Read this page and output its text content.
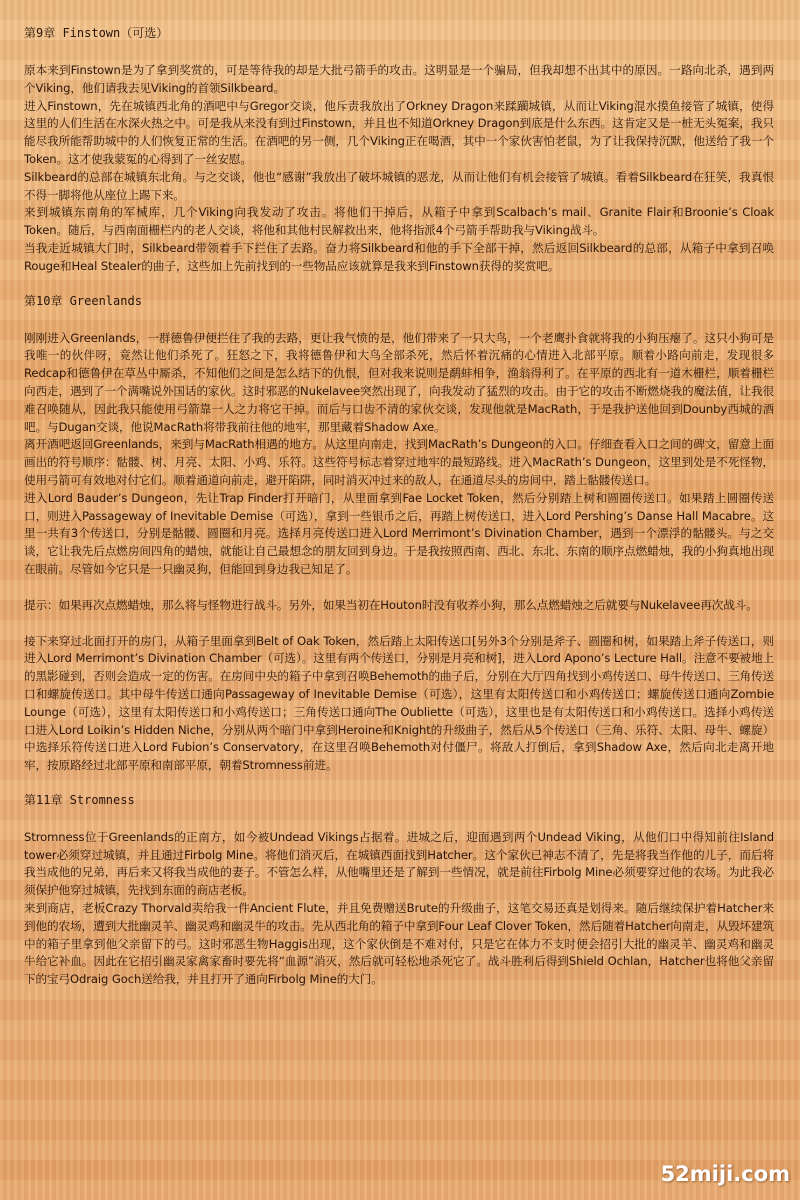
第9章 Finstown（可选）

原本来到Finstown是为了拿到奖赏的，可是等待我的却是大批弓箭手的攻击。这明显是一个骗局，但我却想不出其中的原因。一路向北杀，遇到两个Viking，他们请我去见Viking的首领Silkbeard。

进入Finstown，先在城镇西北角的酒吧中与Gregor交谈，他斥责我放出了Orkney Dragon来蹂躏城镇，从而让Viking混水摸鱼接管了城镇，使得这里的人们生活在水深火热之中。可是我从来没有到过Finstown，并且也不知道Orkney Dragon到底是什么东西。这肯定又是一桩无头冤案，我只能尽我所能帮助城中的人们恢复正常的生活。在酒吧的另一侧，几个Viking正在喝酒，其中一个家伙害怕老鼠，为了让我保持沉默，他送给了我一个Token。这才使我蒙冤的心得到了一丝安慰。

Silkbeard的总部在城镇东北角。与之交谈，他也“感谢”我放出了破坏城镇的恶龙，从而让他们有机会接管了城镇。看着Silkbeard在狂笑，我真恨不得一脚将他从座位上踢下来。

来到城镇东南角的军械库，几个Viking向我发动了攻击。将他们干掉后，从箱子中拿到Scalbach’s mail、Granite Flair和Broonie’s Cloak Token。随后，与西南面栅栏内的老人交谈，将他和其他村民解救出来，他将指派4个弓箭手帮助我与Viking战斗。

当我走近城镇大门时，Silkbeard带领着手下拦住了去路。奋力将Silkbeard和他的手下全部干掉，然后返回Silkbeard的总部，从箱子中拿到召唤Rouge和Heal Stealer的曲子，这些加上先前找到的一些物品应该就算是我来到Finstown获得的奖赏吧。

第10章 Greenlands

刚刚进入Greenlands，一群德鲁伊便拦住了我的去路，更让我气愤的是，他们带来了一只大鸟，一个老鹰扑食就将我的小狗压瘪了。这只小狗可是我唯一的伙伴呀，竟然让他们杀死了。狂怒之下，我将德鲁伊和大鸟全部杀死，然后怀着沉痛的心情进入北部平原。顺着小路向前走，发现很多Redcap和德鲁伊在草丛中厮杀，不知他们之间是怎么结下的仇恨，但对我来说则是鹬蚌相争，渔翁得利了。在平原的西北有一道木栅栏，顺着栅栏向西走，遇到了一个满嘴说外国话的家伙。这时邪恶的Nukelavee突然出现了，向我发动了猛烈的攻击。由于它的攻击不断燃烧我的魔法值，让我很难召唤随从，因此我只能使用弓箭靠一人之力将它干掉。而后与口齿不清的家伙交谈，发现他就是MacRath，于是我护送他回到Dounby西城的酒吧。与Dugan交谈，他说MacRath将带我前往他的地牢，那里藏着Shadow Axe。

离开酒吧返回Greenlands，来到与MacRath相遇的地方。从这里向南走，找到MacRath’s Dungeon的入口。仔细查看入口之间的碑文，留意上面画出的符号顺序：骷髅、树、月亮、太阳、小鸡、乐符。这些符号标志着穿过地牢的最短路线。进入MacRath’s Dungeon，这里到处是不死怪物，使用弓箭可有效地对付它们。顺着通道向前走，避开陷阱，同时消灭冲过来的敌人，在通道尽头的房间中，踏上骷髅传送口。

进入Lord Bauder’s Dungeon，先让Trap Finder打开暗门，从里面拿到Fae Locket Token，然后分别踏上树和圆圈传送口。如果踏上圆圈传送口，则进入Passageway of Inevitable Demise（可选），拿到一些银币之后，再踏上树传送口，进入Lord Pershing’s Danse Hall Macabre。这里一共有3个传送口，分别是骷髅、圆圈和月亮。选择月亮传送口进入Lord Merrimont’s Divination Chamber，遇到一个漂浮的骷髅头。与之交谈，它让我先后点燃房间四角的蜡烛，就能让自己最想念的朋友回到身边。于是我按照西南、西北、东北、东南的顺序点燃蜡烛，我的小狗真地出现在眼前。尽管如今它只是一只幽灵狗，但能回到身边我已知足了。

提示：如果再次点燃蜡烛，那么将与怪物进行战斗。另外，如果当初在Houton时没有收养小狗，那么点燃蜡烛之后就要与Nukelavee再次战斗。

接下来穿过北面打开的房门，从箱子里面拿到Belt of Oak Token，然后踏上太阳传送口[另外3个分别是斧子、圆圈和树，如果踏上斧子传送口，则进入Lord Merrimont’s Divination Chamber（可选）。这里有两个传送口，分别是月亮和树]，进入Lord Apono’s Lecture Hall。注意不要被地上的黑影碰到，否则会造成一定的伤害。在房间中央的箱子中拿到召唤Behemoth的曲子后，分别在大厅四角找到小鸡传送口、母牛传送口、三角传送口和螺旋传送口。其中母牛传送口通向Passageway of Inevitable Demise（可选），这里有太阳传送口和小鸡传送口；螺旋传送口通向Zombie Lounge（可选），这里有太阳传送口和小鸡传送口；三角传送口通向The Oubliette（可选），这里也是有太阳传送口和小鸡传送口。选择小鸡传送口进入Lord Loikin’s Hidden Niche，分别从两个暗门中拿到Heroine和Knight的升级曲子，然后从5个传送口（三角、乐符、太阳、母牛、螺旋）中选择乐符传送口进入Lord Fubion’s Conservatory，在这里召唤Behemoth对付僵尸。将敌人打倒后，拿到Shadow Axe，然后向北走离开地牢，按原路经过北部平原和南部平原，朝着Stromness前进。

第11章 Stromness

Stromness位于Greenlands的正南方，如今被Undead Vikings占据着。进城之后，迎面遇到两个Undead Viking，从他们口中得知前往Island tower必须穿过城镇，并且通过Firbolg Mine。将他们消灭后，在城镇西面找到Hatcher。这个家伙已神志不清了，先是将我当作他的儿子，而后将我当成他的兄弟，再后来又将我当成他的妻子。不管怎么样，从他嘴里还是了解到一些情况，就是前往Firbolg Mine必须要穿过他的农场。为此我必须保护他穿过城镇，先找到东面的商店老板。

来到商店，老板Crazy Thorvald卖给我一件Ancient Flute，并且免费赠送Brute的升级曲子，这笔交易还真是划得来。随后继续保护着Hatcher来到他的农场，遭到大批幽灵羊、幽灵鸡和幽灵牛的攻击。先从西北角的箱子中拿到Four Leaf Clover Token，然后随着Hatcher向南走，从毁坏建筑中的箱子里拿到他父亲留下的弓。这时邪恶生物Haggis出现，这个家伙倒是不难对付，只是它在体力不支时便会招引大批的幽灵羊、幽灵鸡和幽灵牛给它补血。因此在它招引幽灵家禽家畜时要先将“血源”消灭，然后就可轻松地杀死它了。战斗胜利后得到Shield Ochlan，Hatcher也将他父亲留下的宝弓Odraig Goch送给我，并且打开了通向Firbolg Mine的大门。

52miji.com
